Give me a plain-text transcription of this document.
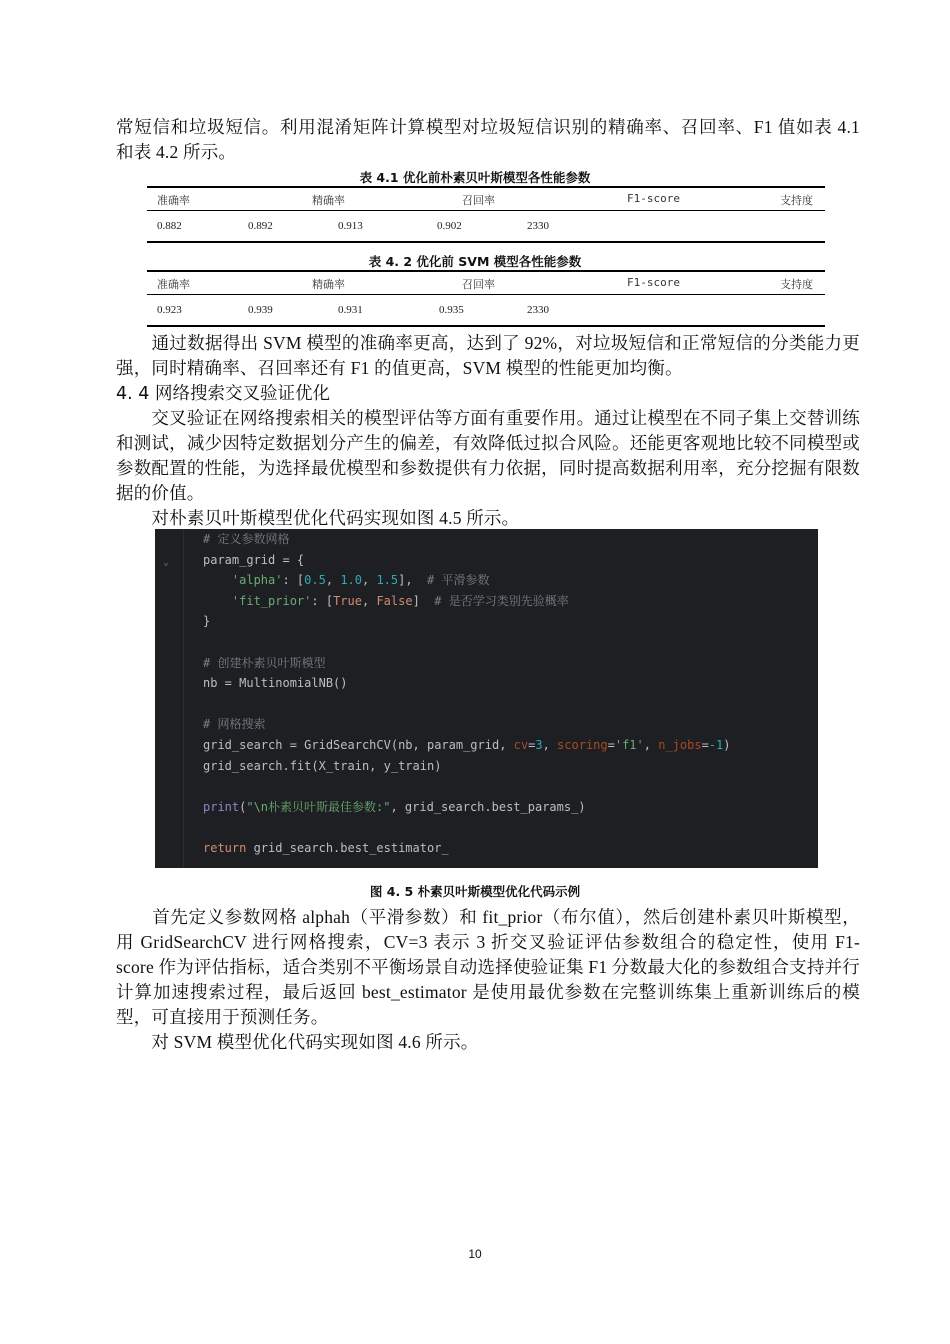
常短信和垃圾短信。利用混淆矩阵计算模型对垃圾短信识别的精确率、召回率、F1 值如表 4.1 和表 4.2 所示。

表 4.1 优化前朴素贝叶斯模型各性能参数

准确率	精确率	召回率	F1-score	支持度
0.882	0.892	0.913	0.902	2330

表 4. 2 优化前 SVM 模型各性能参数

准确率	精确率	召回率	F1-score	支持度
0.923	0.939	0.931	0.935	2330

　　通过数据得出 SVM 模型的准确率更高，达到了 92%，对垃圾短信和正常短信的分类能力更强，同时精确率、召回率还有 F1 的值更高，SVM 模型的性能更加均衡。

4. 4 网络搜索交叉验证优化

　　交叉验证在网络搜索相关的模型评估等方面有重要作用。通过让模型在不同子集上交替训练和测试，减少因特定数据划分产生的偏差，有效降低过拟合风险。还能更客观地比较不同模型或参数配置的性能，为选择最优模型和参数提供有力依据，同时提高数据利用率，充分挖掘有限数据的价值。

　　对朴素贝叶斯模型优化代码实现如图 4.5 所示。

⌄
# 定义参数网格
param_grid = {
'alpha': [0.5, 1.0, 1.5],  # 平滑参数
'fit_prior': [True, False]  # 是否学习类别先验概率
}

# 创建朴素贝叶斯模型
nb = MultinomialNB()

# 网格搜索
grid_search = GridSearchCV(nb, param_grid, cv=3, scoring='f1', n_jobs=-1)
grid_search.fit(X_train, y_train)

print("\n朴素贝叶斯最佳参数:", grid_search.best_params_)

return grid_search.best_estimator_

图 4. 5 朴素贝叶斯模型优化代码示例

　　首先定义参数网格 alphah（平滑参数）和 fit_prior（布尔值），然后创建朴素贝叶斯模型，用 GridSearchCV 进行网格搜索，CV=3 表示 3 折交叉验证评估参数组合的稳定性，使用 F1-score 作为评估指标，适合类别不平衡场景自动选择使验证集 F1 分数最大化的参数组合支持并行计算加速搜索过程，最后返回 best_estimator 是使用最优参数在完整训练集上重新训练后的模型，可直接用于预测任务。

　　对 SVM 模型优化代码实现如图 4.6 所示。

10
